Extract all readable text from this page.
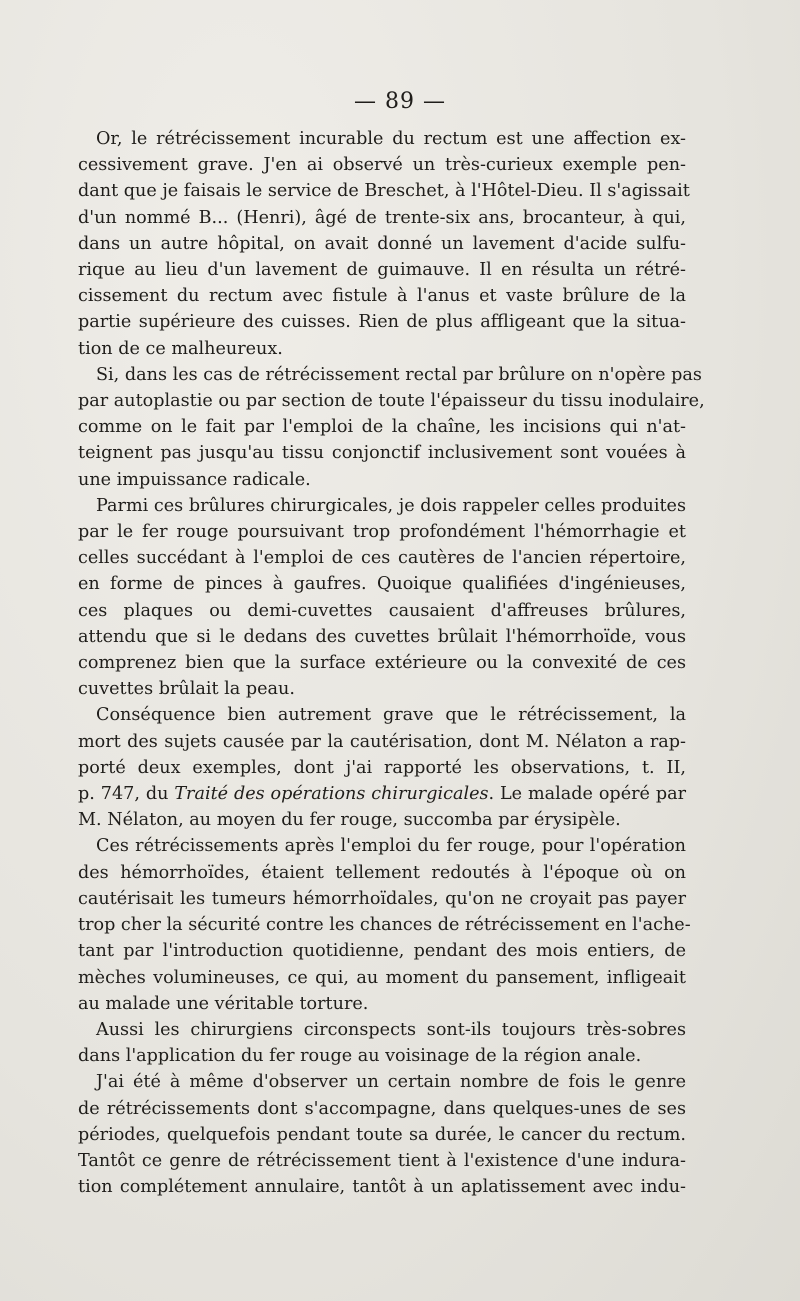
— 89 —
Or, le rétrécissement incurable du rectum est une affection ex-
cessivement grave. J'en ai observé un très-curieux exemple pen-
dant que je faisais le service de Breschet, à l'Hôtel-Dieu. Il s'agissait
d'un nommé B... (Henri), âgé de trente-six ans, brocanteur, à qui,
dans un autre hôpital, on avait donné un lavement d'acide sulfu-
rique au lieu d'un lavement de guimauve. Il en résulta un rétré-
cissement du rectum avec fistule à l'anus et vaste brûlure de la
partie supérieure des cuisses. Rien de plus affligeant que la situa-
tion de ce malheureux.
Si, dans les cas de rétrécissement rectal par brûlure on n'opère pas
par autoplastie ou par section de toute l'épaisseur du tissu inodulaire,
comme on le fait par l'emploi de la chaîne, les incisions qui n'at-
teignent pas jusqu'au tissu conjonctif inclusivement sont vouées à
une impuissance radicale.
Parmi ces brûlures chirurgicales, je dois rappeler celles produites
par le fer rouge poursuivant trop profondément l'hémorrhagie et
celles succédant à l'emploi de ces cautères de l'ancien répertoire,
en forme de pinces à gaufres. Quoique qualifiées d'ingénieuses,
ces plaques ou demi-cuvettes causaient d'affreuses brûlures,
attendu que si le dedans des cuvettes brûlait l'hémorrhoïde, vous
comprenez bien que la surface extérieure ou la convexité de ces
cuvettes brûlait la peau.
Conséquence bien autrement grave que le rétrécissement, la
mort des sujets causée par la cautérisation, dont M. Nélaton a rap-
porté deux exemples, dont j'ai rapporté les observations, t. II,
p. 747, du Traité des opérations chirurgicales. Le malade opéré par
M. Nélaton, au moyen du fer rouge, succomba par érysipèle.
Ces rétrécissements après l'emploi du fer rouge, pour l'opération
des hémorrhoïdes, étaient tellement redoutés à l'époque où on
cautérisait les tumeurs hémorrhoïdales, qu'on ne croyait pas payer
trop cher la sécurité contre les chances de rétrécissement en l'ache-
tant par l'introduction quotidienne, pendant des mois entiers, de
mèches volumineuses, ce qui, au moment du pansement, infligeait
au malade une véritable torture.
Aussi les chirurgiens circonspects sont-ils toujours très-sobres
dans l'application du fer rouge au voisinage de la région anale.
J'ai été à même d'observer un certain nombre de fois le genre
de rétrécissements dont s'accompagne, dans quelques-unes de ses
périodes, quelquefois pendant toute sa durée, le cancer du rectum.
Tantôt ce genre de rétrécissement tient à l'existence d'une indura-
tion complétement annulaire, tantôt à un aplatissement avec indu-
